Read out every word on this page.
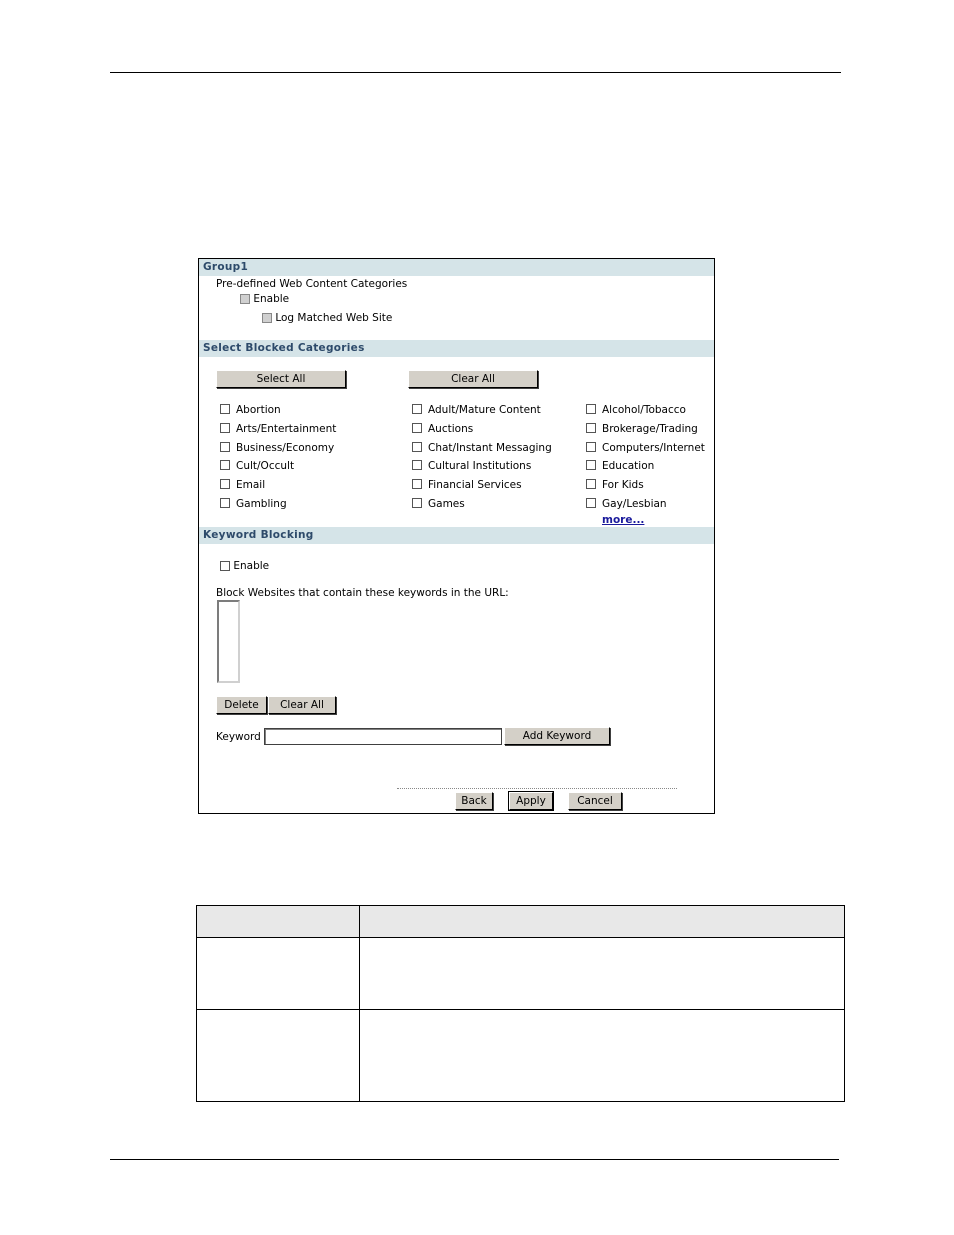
Group1
Pre-defined Web Content Categories
Enable
Log Matched Web Site
Select Blocked Categories
Select All	Clear All
Abortion	Adult/Mature Content	Alcohol/Tobacco
Arts/Entertainment	Auctions	Brokerage/Trading
Business/Economy	Chat/Instant Messaging	Computers/Internet
Cult/Occult	Cultural Institutions	Education
Email	Financial Services	For Kids
Gambling	Games	Gay/Lesbian
more...
Keyword Blocking
Enable
Block Websites that contain these keywords in the URL:
Delete	Clear All
Keyword	Add Keyword
Back	Apply	Cancel
